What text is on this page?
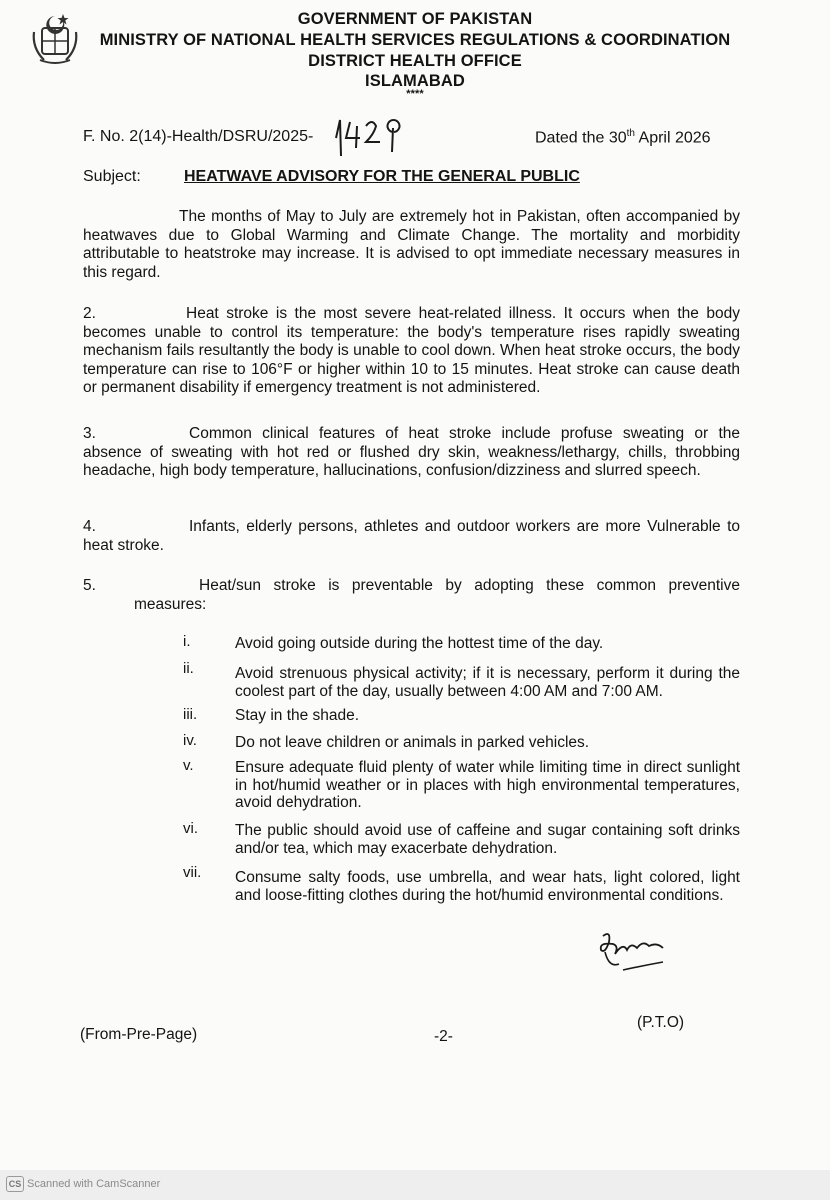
GOVERNMENT OF PAKISTAN
MINISTRY OF NATIONAL HEALTH SERVICES REGULATIONS & COORDINATION
DISTRICT HEALTH OFFICE
ISLAMABAD
****
F. No. 2(14)-Health/DSRU/2025-
1429
Dated the 30th April 2026
Subject:	HEATWAVE ADVISORY FOR THE GENERAL PUBLIC
The months of May to July are extremely hot in Pakistan, often accompanied by heatwaves due to Global Warming and Climate Change. The mortality and morbidity attributable to heatstroke may increase. It is advised to opt immediate necessary measures in this regard.
2.	Heat stroke is the most severe heat-related illness. It occurs when the body becomes unable to control its temperature: the body's temperature rises rapidly sweating mechanism fails resultantly the body is unable to cool down. When heat stroke occurs, the body temperature can rise to 106°F or higher within 10 to 15 minutes. Heat stroke can cause death or permanent disability if emergency treatment is not administered.
3.	Common clinical features of heat stroke include profuse sweating or the absence of sweating with hot red or flushed dry skin, weakness/lethargy, chills, throbbing headache, high body temperature, hallucinations, confusion/dizziness and slurred speech.
4.	Infants, elderly persons, athletes and outdoor workers are more Vulnerable to heat stroke.
5.	Heat/sun stroke is preventable by adopting these common preventive measures:
i.	Avoid going outside during the hottest time of the day.
ii.	Avoid strenuous physical activity; if it is necessary, perform it during the coolest part of the day, usually between 4:00 AM and 7:00 AM.
iii. Stay in the shade.
iv. Do not leave children or animals in parked vehicles.
v.	Ensure adequate fluid plenty of water while limiting time in direct sunlight in hot/humid weather or in places with high environmental temperatures, avoid dehydration.
vi. The public should avoid use of caffeine and sugar containing soft drinks and/or tea, which may exacerbate dehydration.
vii. Consume salty foods, use umbrella, and wear hats, light colored, light and loose-fitting clothes during the hot/humid environmental conditions.
(P.T.O)
(From-Pre-Page)	-2-
CS Scanned with CamScanner
